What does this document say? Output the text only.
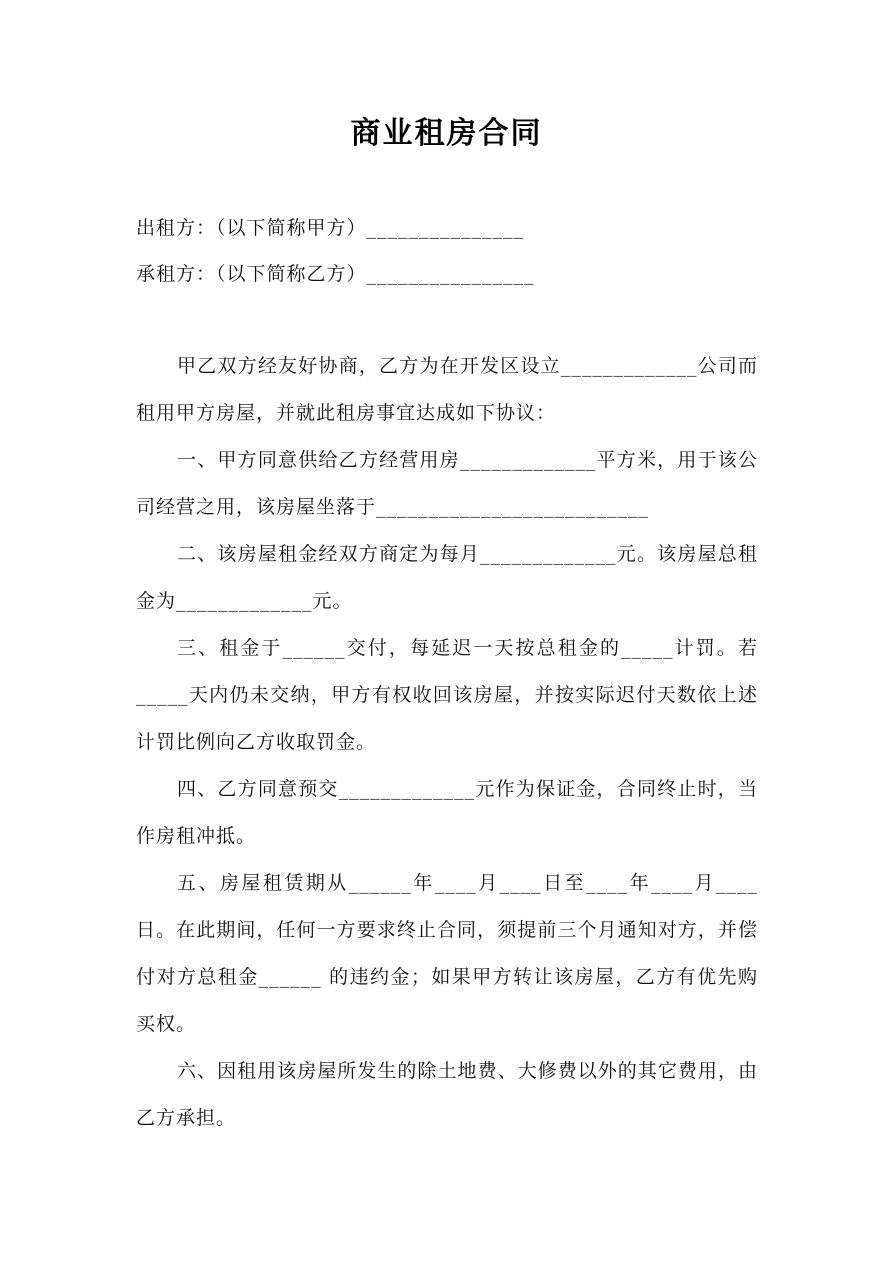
商业租房合同
出租方：（以下简称甲方）_______________
承租方：（以下简称乙方）________________
甲乙双方经友好协商，乙方为在开发区设立_____________公司而租用甲方房屋，并就此租房事宜达成如下协议：
一、甲方同意供给乙方经营用房_____________平方米，用于该公司经营之用，该房屋坐落于__________________________
二、该房屋租金经双方商定为每月_____________元。该房屋总租金为_____________元。
三、租金于______交付，每延迟一天按总租金的_____计罚。若_____天内仍未交纳，甲方有权收回该房屋，并按实际迟付天数依上述计罚比例向乙方收取罚金。
四、乙方同意预交_____________元作为保证金，合同终止时，当作房租冲抵。
五、房屋租赁期从______年____月____日至____年____月____日。在此期间，任何一方要求终止合同，须提前三个月通知对方，并偿付对方总租金______ 的违约金；如果甲方转让该房屋，乙方有优先购买权。
六、因租用该房屋所发生的除土地费、大修费以外的其它费用，由乙方承担。
